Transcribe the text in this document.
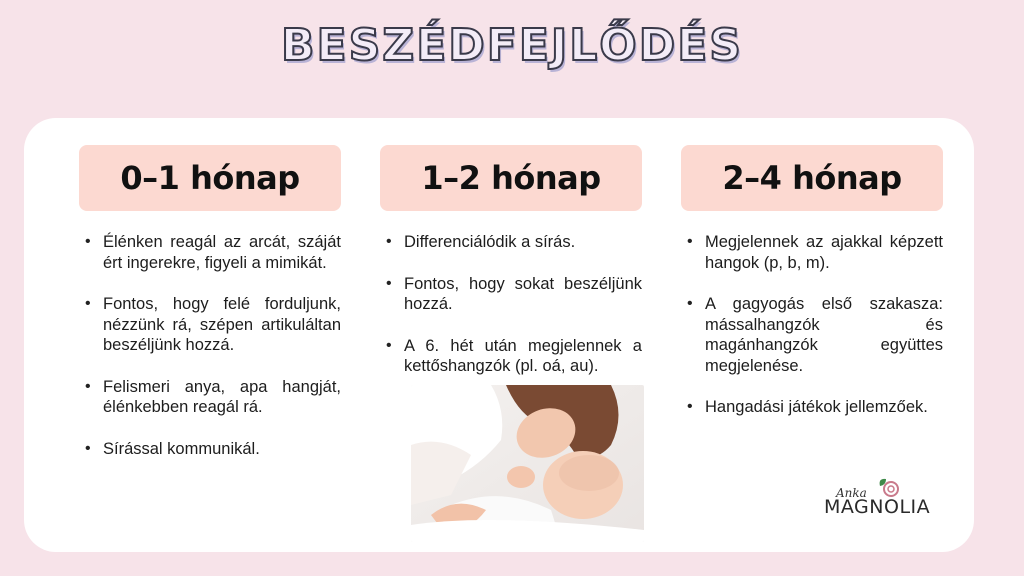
BESZÉDFEJLŐDÉS
0–1 hónap
• Élénken reagál az arcát, száját ért ingerekre, figyeli a mimikát.
• Fontos, hogy felé forduljunk, nézzünk rá, szépen artikuláltan beszéljünk hozzá.
• Felismeri anya, apa hangját, élénkebben reagál rá.
• Sírással kommunikál.
1–2 hónap
• Differenciálódik a sírás.
• Fontos, hogy sokat beszéljünk hozzá.
• A 6. hét után megjelennek a kettőshangzók (pl. oá, au).
2–4 hónap
• Megjelennek az ajakkal képzett hangok (p, b, m).
• A gagyogás első szakasza: mássalhangzók és magánhangzók együttes megjelenése.
• Hangadási játékok jellemzőek.
Anka
MAGNOLIA
